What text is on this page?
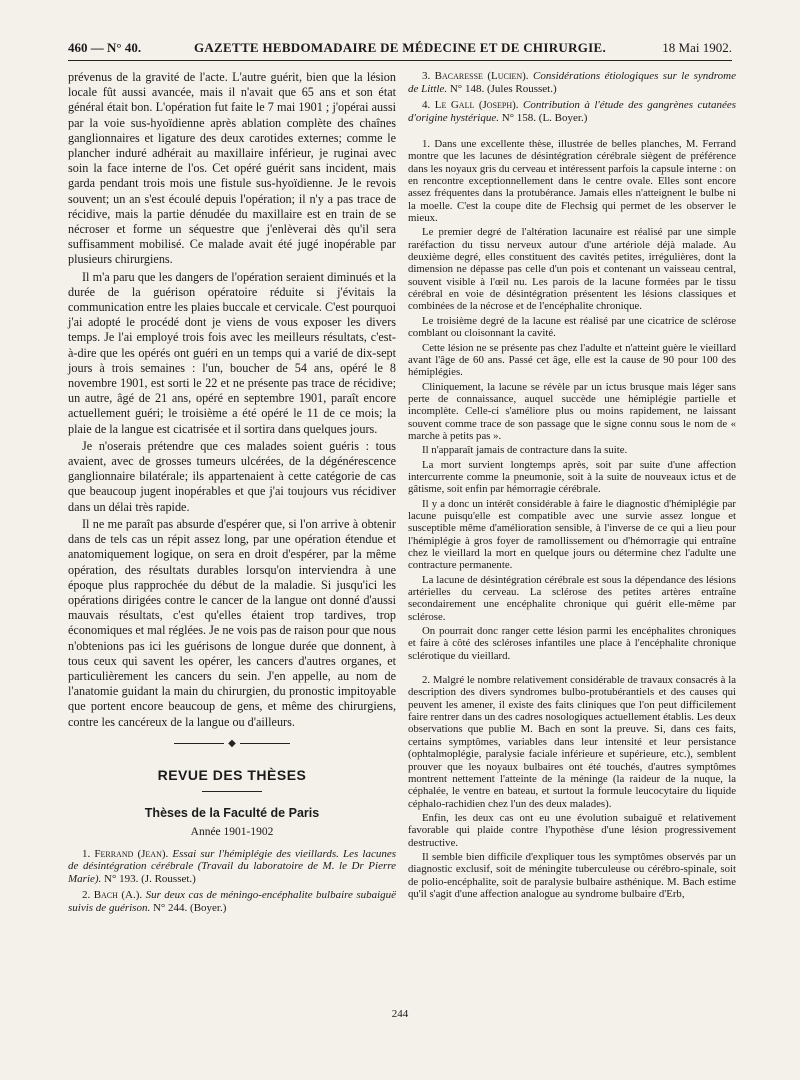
460 — N° 40.	GAZETTE HEBDOMADAIRE DE MÉDECINE ET DE CHIRURGIE.	18 Mai 1902.

prévenus de la gravité de l'acte. L'autre guérit, bien que la lésion locale fût aussi avancée, mais il n'avait que 65 ans et son état général était bon. L'opération fut faite le 7 mai 1901 ; j'opérai aussi par la voie sus-hyoïdienne après ablation complète des chaînes ganglionnaires et ligature des deux carotides externes; comme le plancher induré adhérait au maxillaire inférieur, je ruginai avec soin la face interne de l'os. Cet opéré guérit sans incident, mais garda pendant trois mois une fistule sus-hyoïdienne. Je le revois souvent; un an s'est écoulé depuis l'opération; il n'y a pas trace de récidive, mais la partie dénudée du maxillaire est en train de se nécroser et forme un séquestre que j'enlèverai dès qu'il sera suffisamment mobilisé. Ce malade avait été jugé inopérable par plusieurs chirurgiens.

Il m'a paru que les dangers de l'opération seraient diminués et la durée de la guérison opératoire réduite si j'évitais la communication entre les plaies buccale et cervicale. C'est pourquoi j'ai adopté le procédé dont je viens de vous exposer les divers temps. Je l'ai employé trois fois avec les meilleurs résultats, c'est-à-dire que les opérés ont guéri en un temps qui a varié de dix-sept jours à trois semaines : l'un, boucher de 54 ans, opéré le 8 novembre 1901, est sorti le 22 et ne présente pas trace de récidive; un autre, âgé de 21 ans, opéré en septembre 1901, paraît encore actuellement guéri; le troisième a été opéré le 11 de ce mois; la plaie de la langue est cicatrisée et il sortira dans quelques jours.

Je n'oserais prétendre que ces malades soient guéris : tous avaient, avec de grosses tumeurs ulcérées, de la dégénérescence ganglionnaire bilatérale; ils appartenaient à cette catégorie de cas que beaucoup jugent inopérables et que j'ai toujours vus récidiver dans un délai très rapide.

Il ne me paraît pas absurde d'espérer que, si l'on arrive à obtenir dans de tels cas un répit assez long, par une opération étendue et anatomiquement logique, on sera en droit d'espérer, par la même opération, des résultats durables lorsqu'on interviendra à une époque plus rapprochée du début de la maladie. Si jusqu'ici les opérations dirigées contre le cancer de la langue ont donné d'aussi mauvais résultats, c'est qu'elles étaient trop tardives, trop économiques et mal réglées. Je ne vois pas de raison pour que nous n'obtenions pas ici les guérisons de longue durée que donnent, à tous ceux qui savent les opérer, les cancers d'autres organes, et particulièrement les cancers du sein. J'en appelle, au nom de l'anatomie guidant la main du chirurgien, du pronostic impitoyable que portent encore beaucoup de gens, et même des chirurgiens, contre les cancéreux de la langue ou d'ailleurs.

◆
REVUE DES THÈSES
Thèses de la Faculté de Paris
Année 1901-1902

1. Ferrand (Jean). Essai sur l'hémiplégie des vieillards. Les lacunes de désintégration cérébrale (Travail du laboratoire de M. le Dr Pierre Marie). N° 193. (J. Rousset.)

2. Bach (A.). Sur deux cas de méningo-encéphalite bulbaire subaiguë suivis de guérison. N° 244. (Boyer.)

3. Bacaresse (Lucien). Considérations étiologiques sur le syndrome de Little. N° 148. (Jules Rousset.)

4. Le Gall (Joseph). Contribution à l'étude des gangrènes cutanées d'origine hystérique. N° 158. (L. Boyer.)

1. Dans une excellente thèse, illustrée de belles planches, M. Ferrand montre que les lacunes de désintégration cérébrale siègent de préférence dans les noyaux gris du cerveau et intéressent parfois la capsule interne : on en rencontre exceptionnellement dans le centre ovale. Elles sont encore assez fréquentes dans la protubérance. Jamais elles n'atteignent le bulbe ni la moelle. C'est la coupe dite de Flechsig qui permet de les observer le mieux.

Le premier degré de l'altération lacunaire est réalisé par une simple raréfaction du tissu nerveux autour d'une artériole déjà malade. Au deuxième degré, elles constituent des cavités petites, irrégulières, dont la dimension ne dépasse pas celle d'un pois et contenant un vaisseau central, souvent visible à l'œil nu. Les parois de la lacune formées par le tissu cérébral en voie de désintégration présentent les lésions classiques et combinées de la nécrose et de l'encéphalite chronique.

Le troisième degré de la lacune est réalisé par une cicatrice de sclérose comblant ou cloisonnant la cavité.

Cette lésion ne se présente pas chez l'adulte et n'atteint guère le vieillard avant l'âge de 60 ans. Passé cet âge, elle est la cause de 90 pour 100 des hémiplégies.

Cliniquement, la lacune se révèle par un ictus brusque mais léger sans perte de connaissance, auquel succède une hémiplégie partielle et incomplète. Celle-ci s'améliore plus ou moins rapidement, ne laissant souvent comme trace de son passage que le signe connu sous le nom de « marche à petits pas ».

Il n'apparaît jamais de contracture dans la suite.

La mort survient longtemps après, soit par suite d'une affection intercurrente comme la pneumonie, soit à la suite de nouveaux ictus et de gâtisme, soit enfin par hémorragie cérébrale.

Il y a donc un intérêt considérable à faire le diagnostic d'hémiplégie par lacune puisqu'elle est compatible avec une survie assez longue et susceptible même d'amélioration sensible, à l'inverse de ce qui a lieu pour l'hémiplégie à gros foyer de ramollissement ou d'hémorragie qui entraîne chez le vieillard la mort en quelque jours ou détermine chez l'adulte une contracture permanente.

La lacune de désintégration cérébrale est sous la dépendance des lésions artérielles du cerveau. La sclérose des petites artères entraîne secondairement une encéphalite chronique qui guérit elle-même par sclérose.

On pourrait donc ranger cette lésion parmi les encéphalites chroniques et faire à côté des scléroses infantiles une place à l'encéphalite chronique sclérotique du vieillard.

2. Malgré le nombre relativement considérable de travaux consacrés à la description des divers syndromes bulbo-protubérantiels et des causes qui peuvent les amener, il existe des faits cliniques que l'on peut difficilement faire rentrer dans un des cadres nosologiques actuellement établis. Les deux observations que publie M. Bach en sont la preuve. Si, dans ces faits, certains symptômes, variables dans leur intensité et leur persistance (ophtalmoplégie, paralysie faciale inférieure et supérieure, etc.), semblent prouver que les noyaux bulbaires ont été touchés, d'autres symptômes montrent nettement l'atteinte de la méninge (la raideur de la nuque, la céphalée, le ventre en bateau, et surtout la formule leucocytaire du liquide céphalo-rachidien chez l'un des deux malades).

Enfin, les deux cas ont eu une évolution subaiguë et relativement favorable qui plaide contre l'hypothèse d'une lésion progressivement destructive.

Il semble bien difficile d'expliquer tous les symptômes observés par un diagnostic exclusif, soit de méningite tuberculeuse ou cérébro-spinale, soit de polio-encéphalite, soit de paralysie bulbaire asthénique. M. Bach estime qu'il s'agit d'une affection analogue au syndrome bulbaire d'Erb,

244
